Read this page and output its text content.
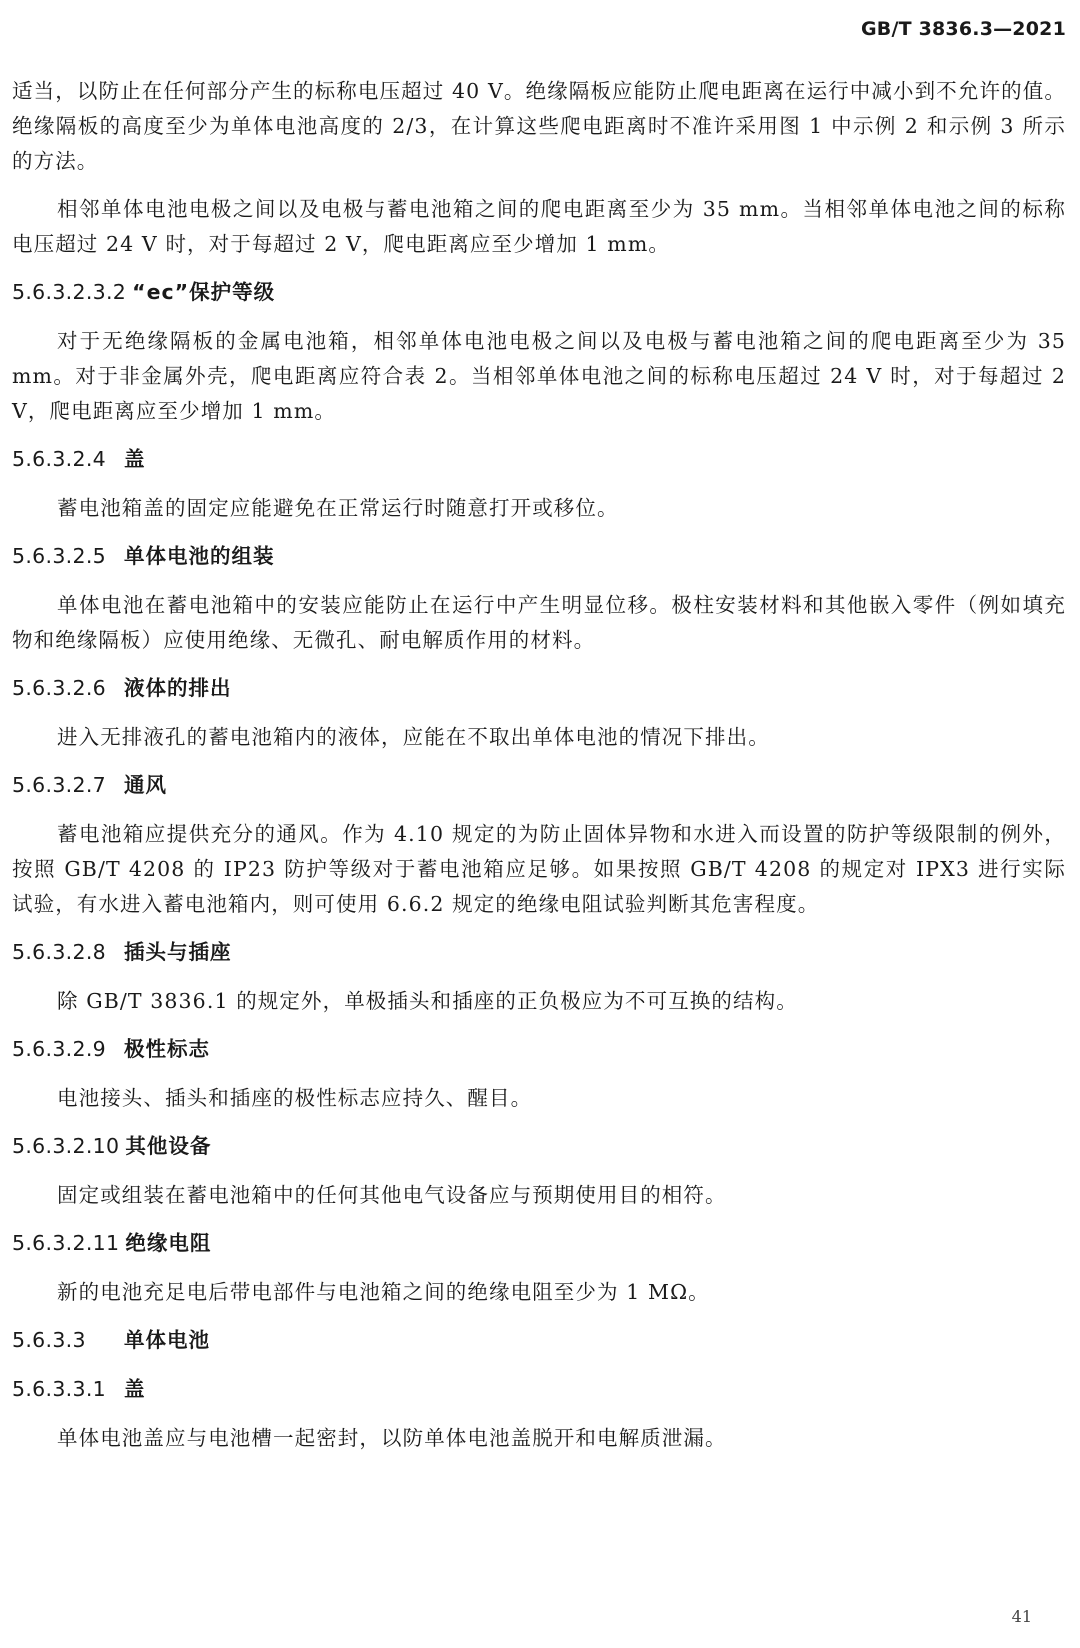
GB/T 3836.3—2021

适当，以防止在任何部分产生的标称电压超过 40 V。绝缘隔板应能防止爬电距离在运行中减小到不允许的值。绝缘隔板的高度至少为单体电池高度的 2/3，在计算这些爬电距离时不准许采用图 1 中示例 2 和示例 3 所示的方法。

相邻单体电池电极之间以及电极与蓄电池箱之间的爬电距离至少为 35 mm。当相邻单体电池之间的标称电压超过 24 V 时，对于每超过 2 V，爬电距离应至少增加 1 mm。

5.6.3.2.3.2 “ec”保护等级

对于无绝缘隔板的金属电池箱，相邻单体电池电极之间以及电极与蓄电池箱之间的爬电距离至少为 35 mm。对于非金属外壳，爬电距离应符合表 2。当相邻单体电池之间的标称电压超过 24 V 时，对于每超过 2 V，爬电距离应至少增加 1 mm。

5.6.3.2.4 盖

蓄电池箱盖的固定应能避免在正常运行时随意打开或移位。

5.6.3.2.5 单体电池的组装

单体电池在蓄电池箱中的安装应能防止在运行中产生明显位移。极柱安装材料和其他嵌入零件（例如填充物和绝缘隔板）应使用绝缘、无微孔、耐电解质作用的材料。

5.6.3.2.6 液体的排出

进入无排液孔的蓄电池箱内的液体，应能在不取出单体电池的情况下排出。

5.6.3.2.7 通风

蓄电池箱应提供充分的通风。作为 4.10 规定的为防止固体异物和水进入而设置的防护等级限制的例外，按照 GB/T 4208 的 IP23 防护等级对于蓄电池箱应足够。如果按照 GB/T 4208 的规定对 IPX3 进行实际试验，有水进入蓄电池箱内，则可使用 6.6.2 规定的绝缘电阻试验判断其危害程度。

5.6.3.2.8 插头与插座

除 GB/T 3836.1 的规定外，单极插头和插座的正负极应为不可互换的结构。

5.6.3.2.9 极性标志

电池接头、插头和插座的极性标志应持久、醒目。

5.6.3.2.10 其他设备

固定或组装在蓄电池箱中的任何其他电气设备应与预期使用目的相符。

5.6.3.2.11 绝缘电阻

新的电池充足电后带电部件与电池箱之间的绝缘电阻至少为 1 MΩ。

5.6.3.3 单体电池
5.6.3.3.1 盖

单体电池盖应与电池槽一起密封，以防单体电池盖脱开和电解质泄漏。

41
